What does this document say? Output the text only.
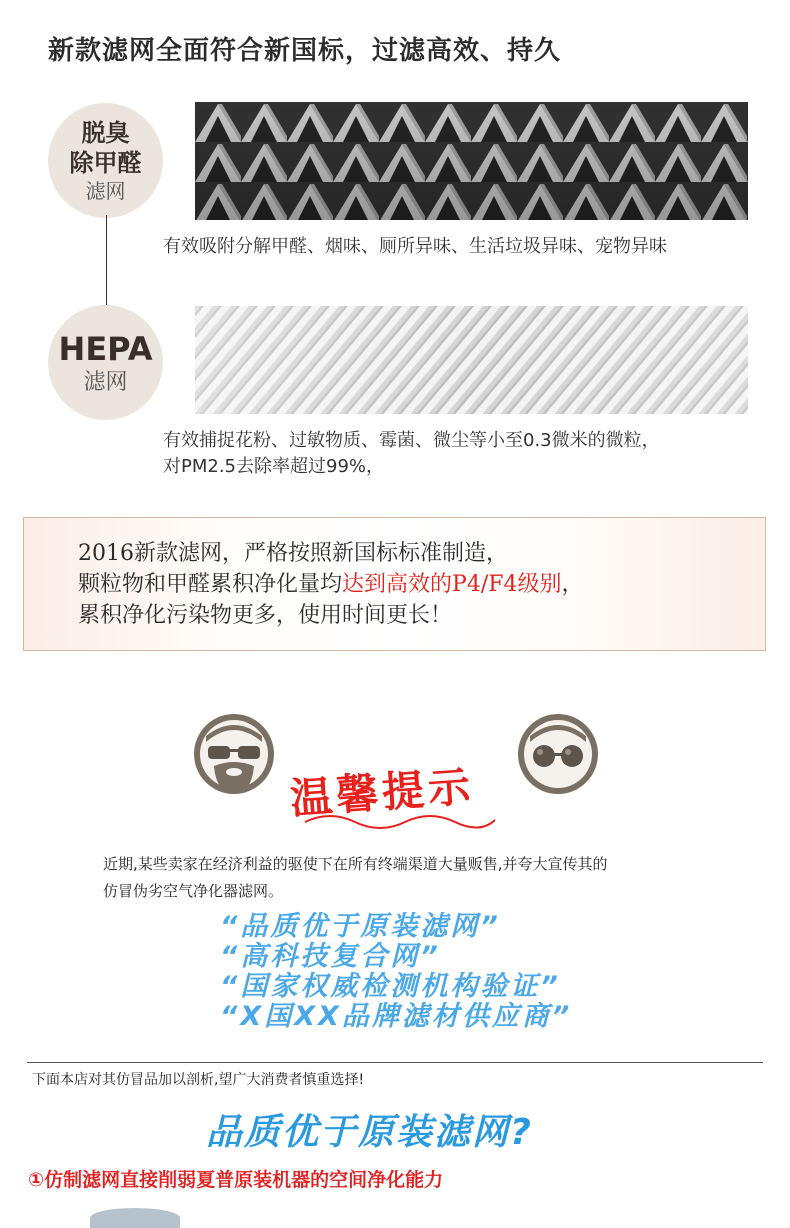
新款滤网全面符合新国标，过滤高效、持久
脱臭
除甲醛
滤网
有效吸附分解甲醛、烟味、厕所异味、生活垃圾异味、宠物异味
HEPA
滤网
有效捕捉花粉、过敏物质、霉菌、微尘等小至0.3微米的微粒，
对PM2.5去除率超过99%，
2016新款滤网，严格按照新国标标准制造，
颗粒物和甲醛累积净化量均达到高效的P4/F4级别，
累积净化污染物更多，使用时间更长！
温馨提示
近期,某些卖家在经济利益的驱使下在所有终端渠道大量贩售,并夸大宣传其的
仿冒伪劣空气净化器滤网。
“品质优于原装滤网”
“高科技复合网”
“国家权威检测机构验证”
“X国XX品牌滤材供应商”
下面本店对其仿冒品加以剖析,望广大消费者慎重选择!
品质优于原装滤网?
①仿制滤网直接削弱夏普原装机器的空间净化能力
